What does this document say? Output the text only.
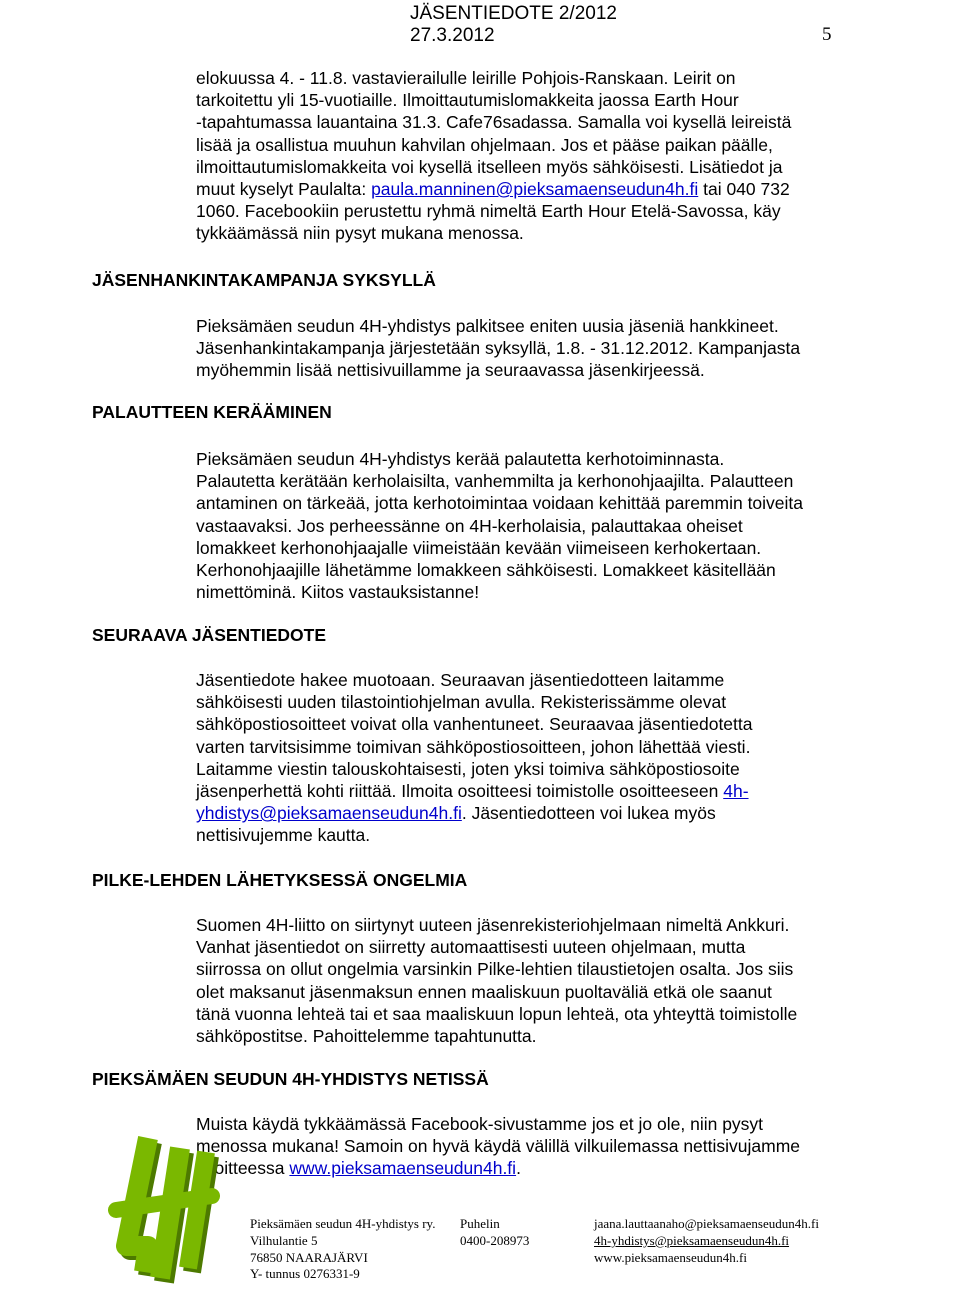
JÄSENTIEDOTE 2/2012
27.3.2012	5
elokuussa 4. - 11.8. vastavierailulle leirille Pohjois-Ranskaan. Leirit on
tarkoitettu yli 15-vuotiaille. Ilmoittautumislomakkeita jaossa Earth Hour
-tapahtumassa lauantaina 31.3. Cafe76sadassa. Samalla voi kysellä leireistä
lisää ja osallistua muuhun kahvilan ohjelmaan. Jos et pääse paikan päälle,
ilmoittautumislomakkeita voi kysellä itselleen myös sähköisesti. Lisätiedot ja
muut kyselyt Paulalta: paula.manninen@pieksamaenseudun4h.fi tai 040 732
1060. Facebookiin perustettu ryhmä nimeltä Earth Hour Etelä-Savossa, käy
tykkäämässä niin pysyt mukana menossa.
JÄSENHANKINTAKAMPANJA SYKSYLLÄ
Pieksämäen seudun 4H-yhdistys palkitsee eniten uusia jäseniä hankkineet.
Jäsenhankintakampanja järjestetään syksyllä, 1.8. - 31.12.2012. Kampanjasta
myöhemmin lisää nettisivuillamme ja seuraavassa jäsenkirjeessä.
PALAUTTEEN KERÄÄMINEN
Pieksämäen seudun 4H-yhdistys kerää palautetta kerhotoiminnasta.
Palautetta kerätään kerholaisilta, vanhemmilta ja kerhonohjaajilta. Palautteen
antaminen on tärkeää, jotta kerhotoimintaa voidaan kehittää paremmin toiveita
vastaavaksi. Jos perheessänne on 4H-kerholaisia, palauttakaa oheiset
lomakkeet kerhonohjaajalle viimeistään kevään viimeiseen kerhokertaan.
Kerhonohjaajille lähetämme lomakkeen sähköisesti. Lomakkeet käsitellään
nimettöminä. Kiitos vastauksistanne!
SEURAAVA JÄSENTIEDOTE
Jäsentiedote hakee muotoaan. Seuraavan jäsentiedotteen laitamme
sähköisesti uuden tilastointiohjelman avulla. Rekisterissämme olevat
sähköpostiosoitteet voivat olla vanhentuneet. Seuraavaa jäsentiedotetta
varten tarvitsisimme toimivan sähköpostiosoitteen, johon lähettää viesti.
Laitamme viestin talouskohtaisesti, joten yksi toimiva sähköpostiosoite
jäsenperhettä kohti riittää. Ilmoita osoitteesi toimistolle osoitteeseen 4h-
yhdistys@pieksamaenseudun4h.fi. Jäsentiedotteen voi lukea myös
nettisivujemme kautta.
PILKE-LEHDEN LÄHETYKSESSÄ ONGELMIA
Suomen 4H-liitto on siirtynyt uuteen jäsenrekisteriohjelmaan nimeltä Ankkuri.
Vanhat jäsentiedot on siirretty automaattisesti uuteen ohjelmaan, mutta
siirrossa on ollut ongelmia varsinkin Pilke-lehtien tilaustietojen osalta. Jos siis
olet maksanut jäsenmaksun ennen maaliskuun puoltaväliä etkä ole saanut
tänä vuonna lehteä tai et saa maaliskuun lopun lehteä, ota yhteyttä toimistolle
sähköpostitse. Pahoittelemme tapahtunutta.
PIEKSÄMÄEN SEUDUN 4H-YHDISTYS NETISSÄ
Muista käydä tykkäämässä Facebook-sivustamme jos et jo ole, niin pysyt
menossa mukana! Samoin on hyvä käydä välillä vilkuilemassa nettisivujamme
osoitteessa www.pieksamaenseudun4h.fi.
Pieksämäen seudun 4H-yhdistys ry.
Vilhulantie 5
76850 NAARAJÄRVI
Y- tunnus 0276331-9
Puhelin
0400-208973
jaana.lauttaanaho@pieksamaenseudun4h.fi
4h-yhdistys@pieksamaenseudun4h.fi
www.pieksamaenseudun4h.fi
